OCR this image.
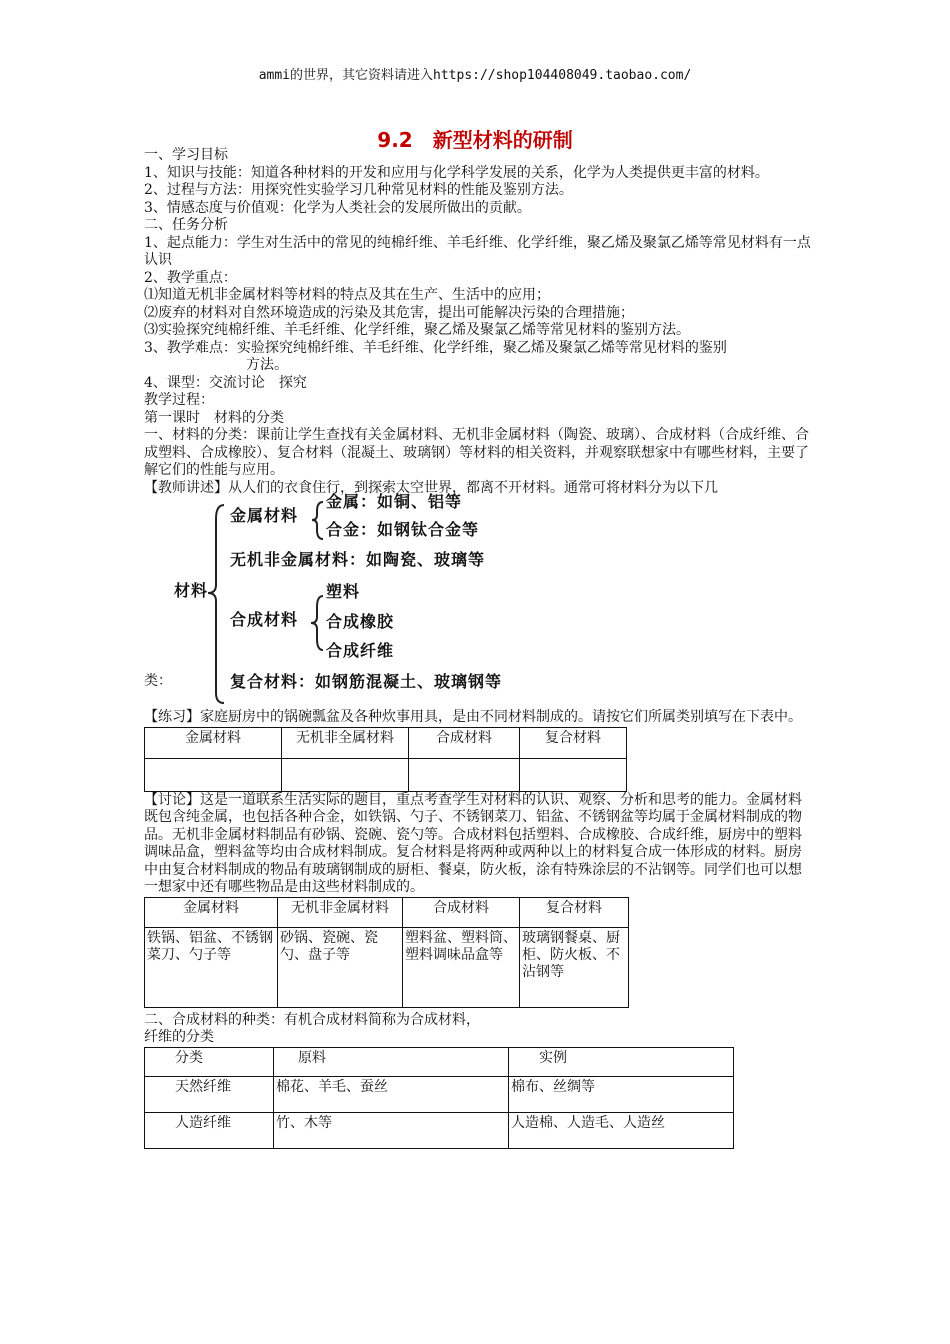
ammi的世界，其它资料请进入https://shop104408049.taobao.com/
9.2　新型材料的研制

一、学习目标

1、知识与技能：知道各种材料的开发和应用与化学科学发展的关系，化学为人类提供更丰富的材料。

2、过程与方法：用探究性实验学习几种常见材料的性能及鉴别方法。

3、情感态度与价值观：化学为人类社会的发展所做出的贡献。

二、任务分析

1、起点能力：学生对生活中的常见的纯棉纤维、羊毛纤维、化学纤维，聚乙烯及聚氯乙烯等常见材料有一点认识

2、教学重点：

⑴知道无机非金属材料等材料的特点及其在生产、生活中的应用；

⑵废弃的材料对自然环境造成的污染及其危害，提出可能解决污染的合理措施；

⑶实验探究纯棉纤维、羊毛纤维、化学纤维，聚乙烯及聚氯乙烯等常见材料的鉴别方法。

3、教学难点：实验探究纯棉纤维、羊毛纤维、化学纤维，聚乙烯及聚氯乙烯等常见材料的鉴别

方法。

4、课型：交流讨论　探究

教学过程：

第一课时　材料的分类

一、材料的分类：课前让学生查找有关金属材料、无机非金属材料（陶瓷、玻璃）、合成材料（合成纤维、合成塑料、合成橡胶）、复合材料（混凝土、玻璃钢）等材料的相关资料，并观察联想家中有哪些材料，主要了解它们的性能与应用。

【教师讲述】从人们的衣食住行，到探索太空世界，都离不开材料。通常可将材料分为以下几

金属材料
金属：如铜、铝等
合金：如钢钛合金等
无机非金属材料：如陶瓷、玻璃等
材料
合成材料
塑料
合成橡胶
合成纤维
复合材料：如钢筋混凝土、玻璃钢等
类：

【练习】家庭厨房中的锅碗瓢盆及各种炊事用具，是由不同材料制成的。请按它们所属类别填写在下表中。

金属材料	无机非全属材料	合成材料	复合材料

【讨论】这是一道联系生活实际的题目，重点考查学生对材料的认识、观察、分析和思考的能力。金属材料既包含纯金属，也包括各种合金，如铁锅、勺子、不锈钢菜刀、铝盆、不锈钢盆等均属于金属材料制成的物品。无机非金属材料制品有砂锅、瓷碗、瓷勺等。合成材料包括塑料、合成橡胶、合成纤维，厨房中的塑料调味品盒，塑料盆等均由合成材料制成。复合材料是将两种或两种以上的材料复合成一体形成的材料。厨房中由复合材料制成的物品有玻璃钢制成的厨柜、餐桌，防火板，涂有特殊涂层的不沾钢等。同学们也可以想一想家中还有哪些物品是由这些材料制成的。

金属材料	无机非金属材料	合成材料	复合材料
铁锅、铝盆、不锈钢菜刀、勺子等	砂锅、瓷碗、瓷勺、盘子等	塑料盆、塑料筒、塑料调味品盒等	玻璃钢餐桌、厨柜、防火板、不沾钢等

二、合成材料的种类：有机合成材料简称为合成材料，

纤维的分类

分类	原料	实例
天然纤维	棉花、羊毛、蚕丝	棉布、丝绸等
人造纤维	竹、木等	人造棉、人造毛、人造丝
